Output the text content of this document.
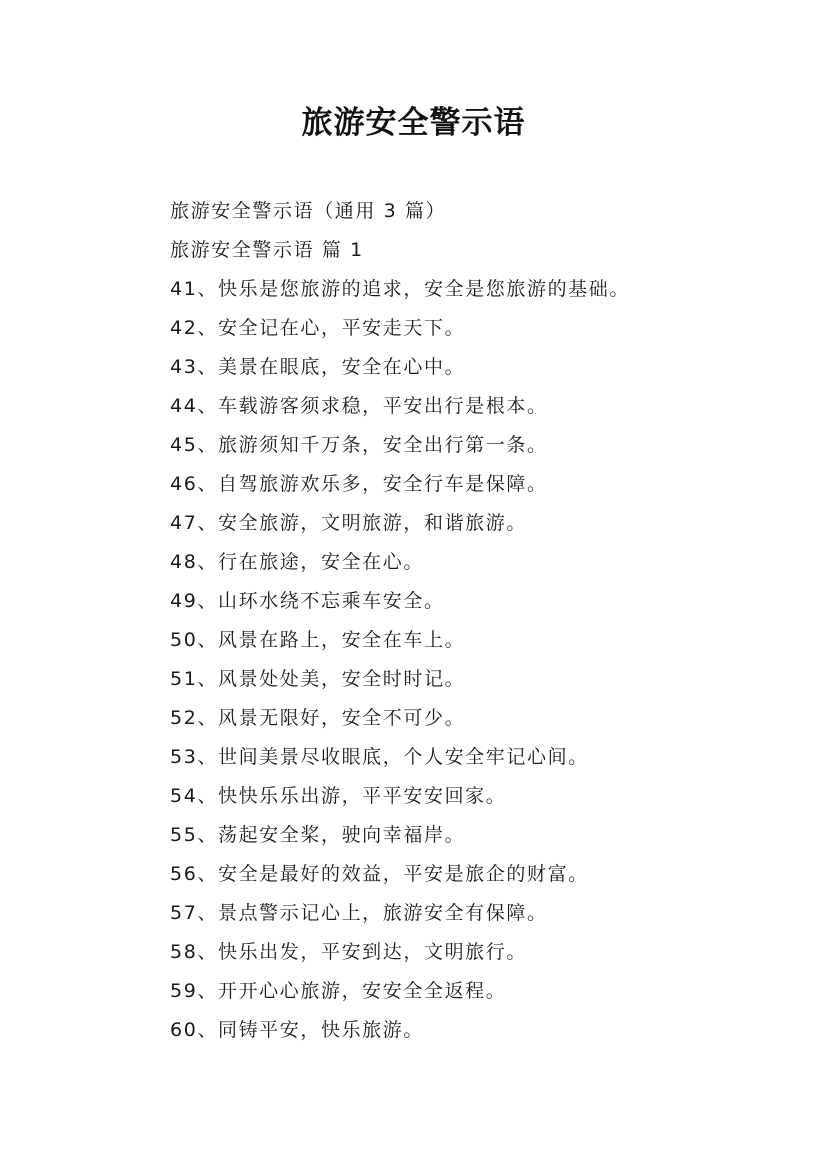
旅游安全警示语

旅游安全警示语（通用 3 篇）

旅游安全警示语 篇 1

41、快乐是您旅游的追求，安全是您旅游的基础。

42、安全记在心，平安走天下。

43、美景在眼底，安全在心中。

44、车载游客须求稳，平安出行是根本。

45、旅游须知千万条，安全出行第一条。

46、自驾旅游欢乐多，安全行车是保障。

47、安全旅游，文明旅游，和谐旅游。

48、行在旅途，安全在心。

49、山环水绕不忘乘车安全。

50、风景在路上，安全在车上。

51、风景处处美，安全时时记。

52、风景无限好，安全不可少。

53、世间美景尽收眼底，个人安全牢记心间。

54、快快乐乐出游，平平安安回家。

55、荡起安全桨，驶向幸福岸。

56、安全是最好的效益，平安是旅企的财富。

57、景点警示记心上，旅游安全有保障。

58、快乐出发，平安到达，文明旅行。

59、开开心心旅游，安安全全返程。

60、同铸平安，快乐旅游。
